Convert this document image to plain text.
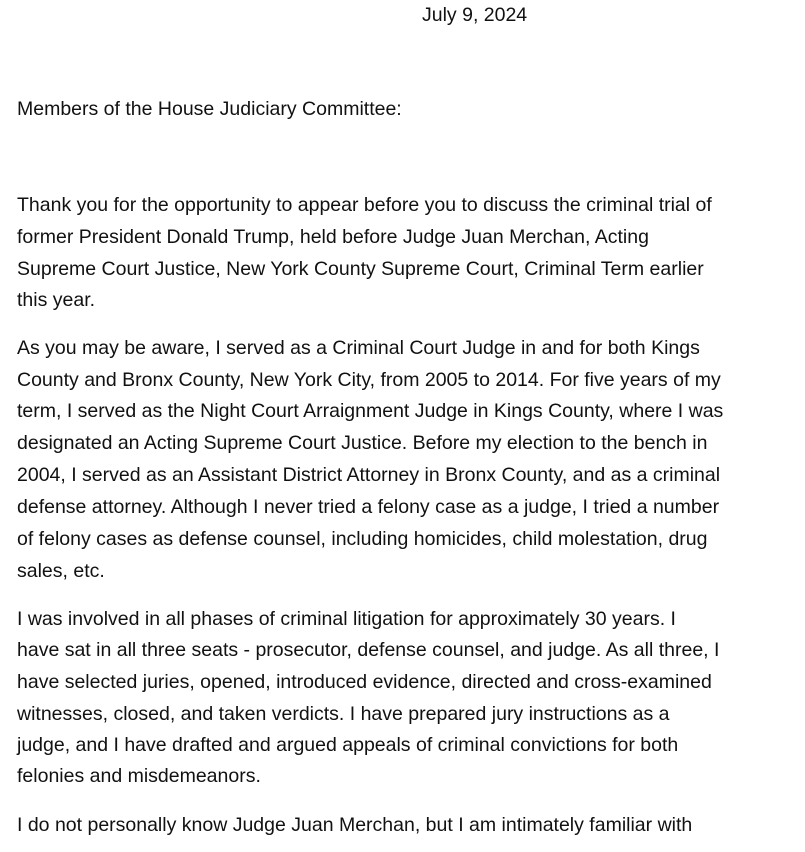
July 9, 2024
Members of the House Judiciary Committee:
Thank you for the opportunity to appear before you to discuss the criminal trial of
former President Donald Trump, held before Judge Juan Merchan, Acting
Supreme Court Justice, New York County Supreme Court, Criminal Term earlier
this year.
As you may be aware, I served as a Criminal Court Judge in and for both Kings
County and Bronx County, New York City, from 2005 to 2014. For five years of my
term, I served as the Night Court Arraignment Judge in Kings County, where I was
designated an Acting Supreme Court Justice. Before my election to the bench in
2004, I served as an Assistant District Attorney in Bronx County, and as a criminal
defense attorney. Although I never tried a felony case as a judge, I tried a number
of felony cases as defense counsel, including homicides, child molestation, drug
sales, etc.
I was involved in all phases of criminal litigation for approximately 30 years. I
have sat in all three seats - prosecutor, defense counsel, and judge. As all three, I
have selected juries, opened, introduced evidence, directed and cross-examined
witnesses, closed, and taken verdicts. I have prepared jury instructions as a
judge, and I have drafted and argued appeals of criminal convictions for both
felonies and misdemeanors.
I do not personally know Judge Juan Merchan, but I am intimately familiar with
